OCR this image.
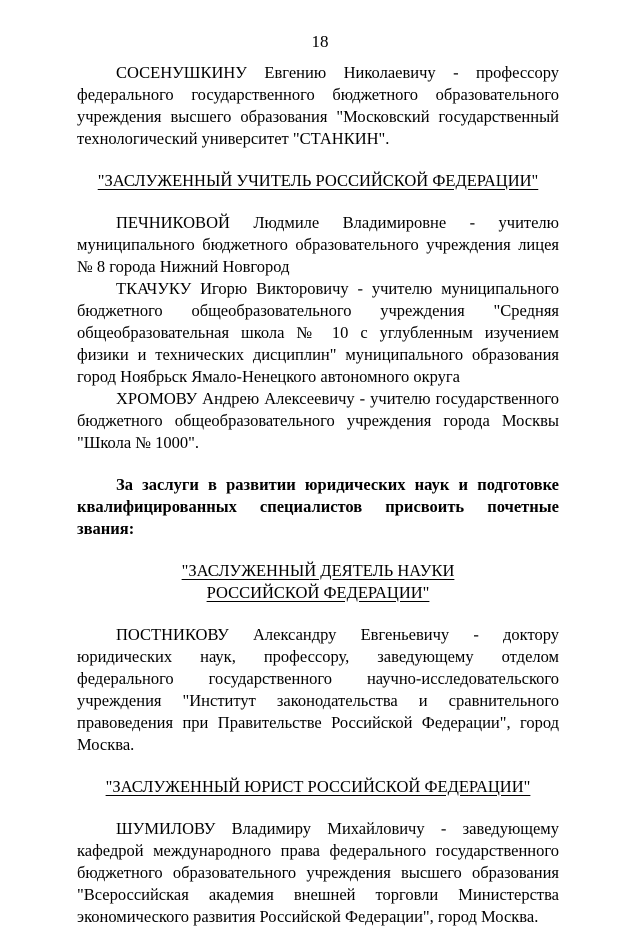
18

СОСЕНУШКИНУ Евгению Николаевичу - профессору федерального государственного бюджетного образовательного учреждения высшего образования "Московский государственный технологический университет "СТАНКИН".

"ЗАСЛУЖЕННЫЙ УЧИТЕЛЬ РОССИЙСКОЙ ФЕДЕРАЦИИ"

ПЕЧНИКОВОЙ Людмиле Владимировне - учителю муниципального бюджетного образовательного учреждения лицея № 8 города Нижний Новгород

ТКАЧУКУ Игорю Викторовичу - учителю муниципального бюджетного общеобразовательного учреждения "Средняя общеобразовательная школа № 10 с углубленным изучением физики и технических дисциплин" муниципального образования город Ноябрьск Ямало-Ненецкого автономного округа

ХРОМОВУ Андрею Алексеевичу - учителю государственного бюджетного общеобразовательного учреждения города Москвы "Школа № 1000".

За заслуги в развитии юридических наук и подготовке квалифицированных специалистов присвоить почетные звания:

"ЗАСЛУЖЕННЫЙ ДЕЯТЕЛЬ НАУКИ
РОССИЙСКОЙ ФЕДЕРАЦИИ"

ПОСТНИКОВУ Александру Евгеньевичу - доктору юридических наук, профессору, заведующему отделом федерального государственного научно-исследовательского учреждения "Институт законодательства и сравнительного правоведения при Правительстве Российской Федерации", город Москва.

"ЗАСЛУЖЕННЫЙ ЮРИСТ РОССИЙСКОЙ ФЕДЕРАЦИИ"

ШУМИЛОВУ Владимиру Михайловичу - заведующему кафедрой международного права федерального государственного бюджетного образовательного учреждения высшего образования "Всероссийская академия внешней торговли Министерства экономического развития Российской Федерации", город Москва.
